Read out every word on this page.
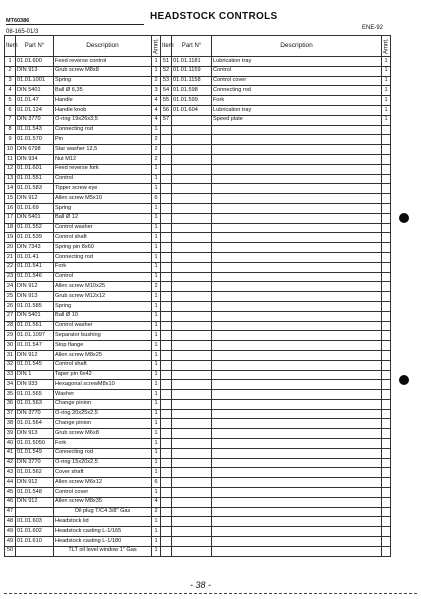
MT60386
08-165-01/3
HEADSTOCK CONTROLS
ENE-92
Item	Part N°	Description	Amnt.	Item	Part N°	Description	Amnt.
1	01.01.600	Feed reverse control	1	51	01.01.1181	Lubrication tray	1
2	DIN 913	Grub screw M8x8	1	52	01.01.1159	Control	1
3	01.01.1001	Spring	2	53	01.01.1158	Control cover	1
4	DIN 5401	Ball Ø 6,35	3	54	01.01.598	Connecting rod	1
5	01.01.47	Handle	4	55	01.01.599	Fork	1
6	01.01.124	Handle knob	4	56	01.01.604	Lubrication tray	1
7	DIN 3770	O-ring 19x26x3,5	4	57		Speed plate	1
8	01.01.543	Connecting rod	1				
9	01.01.570	Pin	2				
10	DIN 6798	Star washer 12,5	2				
11	DIN 934	Nut M12	2				
12	01.01.601	Feed reverse fork	1				
13	01.01.551	Control	1				
14	01.01.583	Tipper screw eye	1				
15	DIN 912	Allen screw M5x10	6				
16	01.01.69	Spring	1				
17	DIN 5401	Ball Ø 12	1				
18	01.01.552	Control washer	1				
19	01.01.539	Control shaft	1				
20	DIN 7343	Spring pin 8x60	1				
21	01.01.41	Connecting rod	1				
22	01.01.541	Fork	1				
23	01.01.546	Control	1				
24	DIN 912	Allen screw M10x25	2				
25	DIN 913	Grub screw M12x12	1				
26	01.01.585	Spring	1				
27	DIN 5401	Ball Ø 10	1				
28	01.01.561	Control washer	1				
29	01.01.1097	Separator bushing	1				
30	01.01.547	Stop flange	1				
31	DIN 912	Allen screw M8x25	1				
32	01.01.545	Control shaft	1				
33	DIN 1	Taper pin 6x42	1				
34	DIN 933	Hexagonal screwM8x10	1				
35	01.01.565	Washer	1				
36	01.01.563	Change pinion	1				
37	DIN 3770	O-ring 20x25x2,5	1				
38	01.01.564	Change pinion	1				
39	DIN 913	Grub screw M6x8	1				
40	01.01.5050	Fork	1				
41	01.01.549	Connecting rod	1				
42	DIN 3770	O-ring 15x20x2,5	1				
43	01.01.562	Cover shaft	1				
44	DIN 912	Allen screw M6x12	6				
45	01.01.548	Control cover	1				
46	DIN 912	Allen screw M8x35	4				
47		Oil plug T/C4 3/8" Gas	2				
48	01.01.603	Headstock lid	1				
49	01.01.602	Headstock casting L-1/165	1				
49	01.01.610	Headstock casting L-1/180	1				
50		TLT oil level window 1" Gas	1				
- 38 -
